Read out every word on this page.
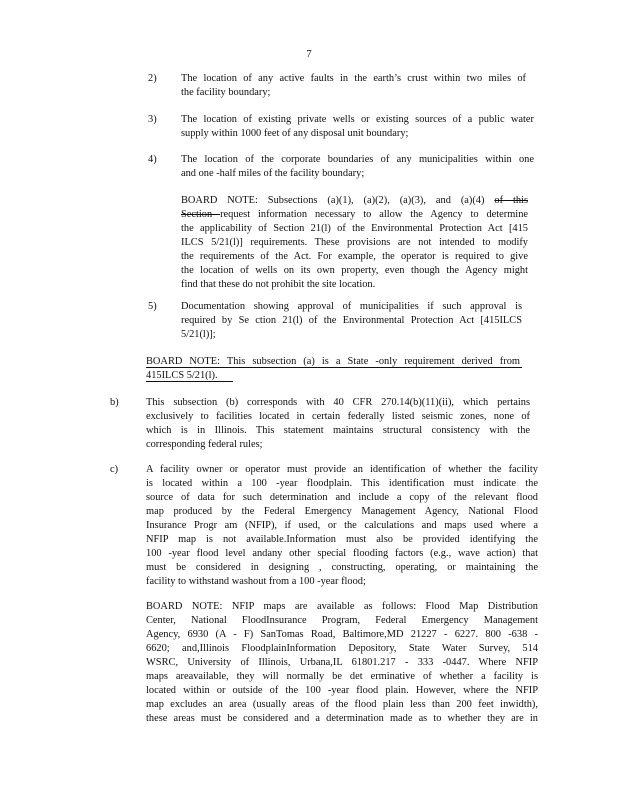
7
2) The location of any active faults in the earth’s crust within two miles of
the facility boundary;
3) The location of existing private wells or existing sources of a public water
supply within 1000 feet of any disposal unit boundary;
4) The location of the corporate boundaries of any municipalities within one
and one -half miles of the facility boundary;
BOARD NOTE: Subsections (a)(1), (a)(2), (a)(3), and (a)(4) of this
Section request information necessary to allow the Agency to determine
the applicability of Section 21(l) of the Environmental Protection Act [415
ILCS 5/21(l)] requirements. These provisions are not intended to modify
the requirements of the Act. For example, the operator is required to give
the location of wells on its own property, even though the Agency might
find that these do not prohibit the site location.
5) Documentation showing approval of municipalities if such approval is
required by Se ction 21(l) of the Environmental Protection Act [415ILCS
5/21(l)];
BOARD NOTE: This subsection (a) is a State -only requirement derived from
415ILCS 5/21(l).
b)	This subsection (b) corresponds with 40 CFR 270.14(b)(11)(ii), which pertains
exclusively to facilities located in certain federally listed seismic zones, none of
which is in Illinois. This statement maintains structural consistency with the
corresponding federal rules;
c)	A facility owner or operator must provide an identification of whether the facility
is located within a 100 -year floodplain. This identification must indicate the
source of data for such determination and include a copy of the relevant flood
map produced by the Federal Emergency Management Agency, National Flood
Insurance Progr am (NFIP), if used, or the calculations and maps used where a
NFIP map is not available.Information must also be provided identifying the
100 -year flood level andany other special flooding factors (e.g., wave action) that
must be considered in designing , constructing, operating, or maintaining the
facility to withstand washout from a 100 -year flood;
BOARD NOTE: NFIP maps are available as follows: Flood Map Distribution
Center, National FloodInsurance Program, Federal Emergency Management
Agency, 6930 (A - F) SanTomas Road, Baltimore,MD 21227 - 6227. 800 -638 -
6620; and,Illinois FloodplainInformation Depository, State Water Survey, 514
WSRC, University of Illinois, Urbana,IL 61801.217 - 333 -0447. Where NFIP
maps areavailable, they will normally be det erminative of whether a facility is
located within or outside of the 100 -year flood plain. However, where the NFIP
map excludes an area (usually areas of the flood plain less than 200 feet inwidth),
these areas must be considered and a determination made as to whether they are in
